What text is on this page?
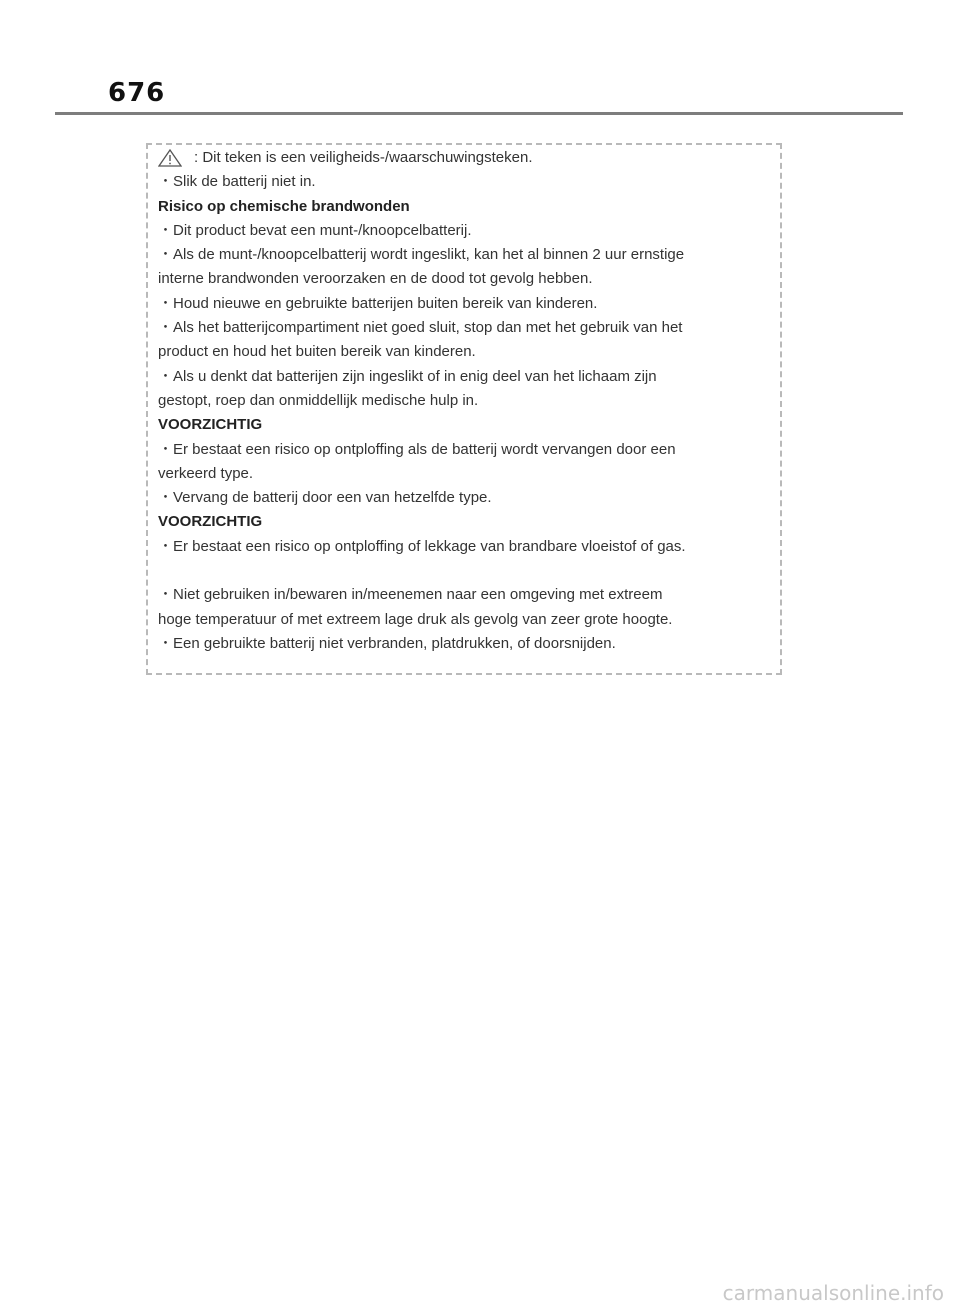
676
: Dit teken is een veiligheids-/waarschuwingsteken.
・Slik de batterij niet in.
Risico op chemische brandwonden
・Dit product bevat een munt-/knoopcelbatterij.
・Als de munt-/knoopcelbatterij wordt ingeslikt, kan het al binnen 2 uur ernstige
interne brandwonden veroorzaken en de dood tot gevolg hebben.
・Houd nieuwe en gebruikte batterijen buiten bereik van kinderen.
・Als het batterijcompartiment niet goed sluit, stop dan met het gebruik van het
product en houd het buiten bereik van kinderen.
・Als u denkt dat batterijen zijn ingeslikt of in enig deel van het lichaam zijn
gestopt, roep dan onmiddellijk medische hulp in.
VOORZICHTIG
・Er bestaat een risico op ontploffing als de batterij wordt vervangen door een
verkeerd type.
・Vervang de batterij door een van hetzelfde type.
VOORZICHTIG
・Er bestaat een risico op ontploffing of lekkage van brandbare vloeistof of gas.
・Niet gebruiken in/bewaren in/meenemen naar een omgeving met extreem
hoge temperatuur of met extreem lage druk als gevolg van zeer grote hoogte.
・Een gebruikte batterij niet verbranden, platdrukken, of doorsnijden.
carmanualsonline.info
